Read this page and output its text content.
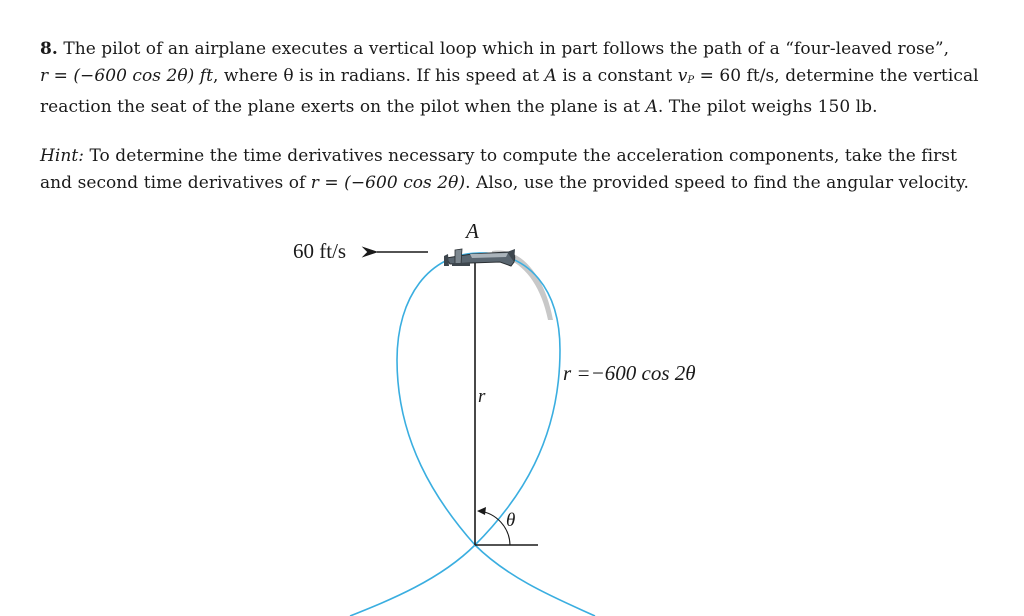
8. The pilot of an airplane executes a vertical loop which in part follows the path of a “four-leaved rose”,
r = (−600 cos 2θ) ft, where θ is in radians. If his speed at A is a constant $v_P = 60$ ft/s, determine the vertical
reaction the seat of the plane exerts on the pilot when the plane is at A. The pilot weighs 150 lb.
Hint: To determine the time derivatives necessary to compute the acceleration components, take the first
and second time derivatives of r = (−600 cos 2θ). Also, use the provided speed to find the angular velocity.
A
60 ft/s
r =−600 cos 2θ
r
θ
